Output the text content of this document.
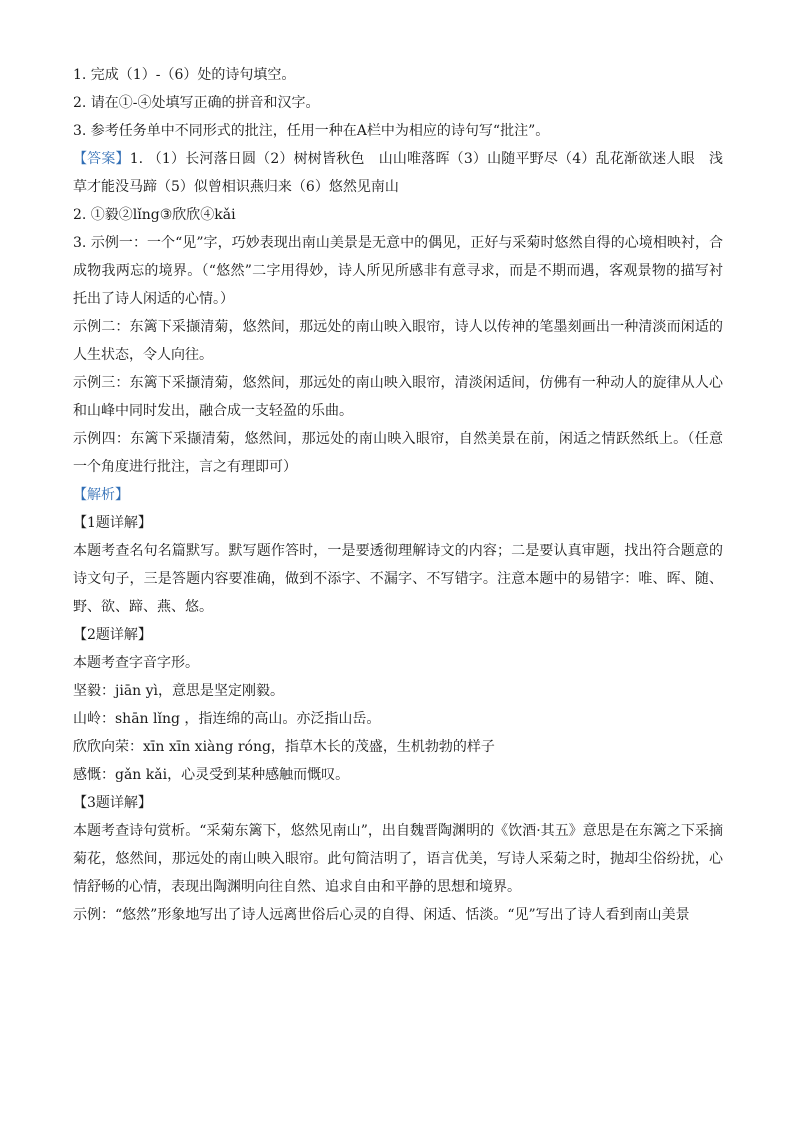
1. 完成（1）-（6）处的诗句填空。

2. 请在①-④处填写正确的拼音和汉字。

3. 参考任务单中不同形式的批注，任用一种在A栏中为相应的诗句写“批注”。

【答案】1. （1）长河落日圆（2）树树皆秋色　山山唯落晖（3）山随平野尽（4）乱花渐欲迷人眼　浅草才能没马蹄（5）似曾相识燕归来（6）悠然见南山

2. ①毅②lǐng③欣欣④kǎi

3. 示例一：一个“见”字，巧妙表现出南山美景是无意中的偶见，正好与采菊时悠然自得的心境相映衬，合成物我两忘的境界。（“悠然”二字用得妙，诗人所见所感非有意寻求，而是不期而遇，客观景物的描写衬托出了诗人闲适的心情。）

示例二：东篱下采撷清菊，悠然间，那远处的南山映入眼帘，诗人以传神的笔墨刻画出一种清淡而闲适的人生状态，令人向往。

示例三：东篱下采撷清菊，悠然间，那远处的南山映入眼帘，清淡闲适间，仿佛有一种动人的旋律从人心和山峰中同时发出，融合成一支轻盈的乐曲。

示例四：东篱下采撷清菊，悠然间，那远处的南山映入眼帘，自然美景在前，闲适之情跃然纸上。（任意一个角度进行批注，言之有理即可）

【解析】

【1题详解】

本题考查名句名篇默写。默写题作答时，一是要透彻理解诗文的内容；二是要认真审题，找出符合题意的诗文句子，三是答题内容要准确，做到不添字、不漏字、不写错字。注意本题中的易错字：唯、晖、随、野、欲、蹄、燕、悠。

【2题详解】

本题考查字音字形。

坚毅：jiān yì，意思是坚定刚毅。

山岭：shān lǐng ，指连绵的高山。亦泛指山岳。

欣欣向荣：xīn xīn xiàng róng，指草木长的茂盛，生机勃勃的样子

感慨：gǎn kǎi，心灵受到某种感触而慨叹。

【3题详解】

本题考查诗句赏析。“采菊东篱下，悠然见南山”，出自魏晋陶渊明的《饮酒·其五》意思是在东篱之下采摘菊花，悠然间，那远处的南山映入眼帘。此句简洁明了，语言优美，写诗人采菊之时，抛却尘俗纷扰，心情舒畅的心情，表现出陶渊明向往自然、追求自由和平静的思想和境界。

示例：“悠然”形象地写出了诗人远离世俗后心灵的自得、闲适、恬淡。“见”写出了诗人看到南山美景
